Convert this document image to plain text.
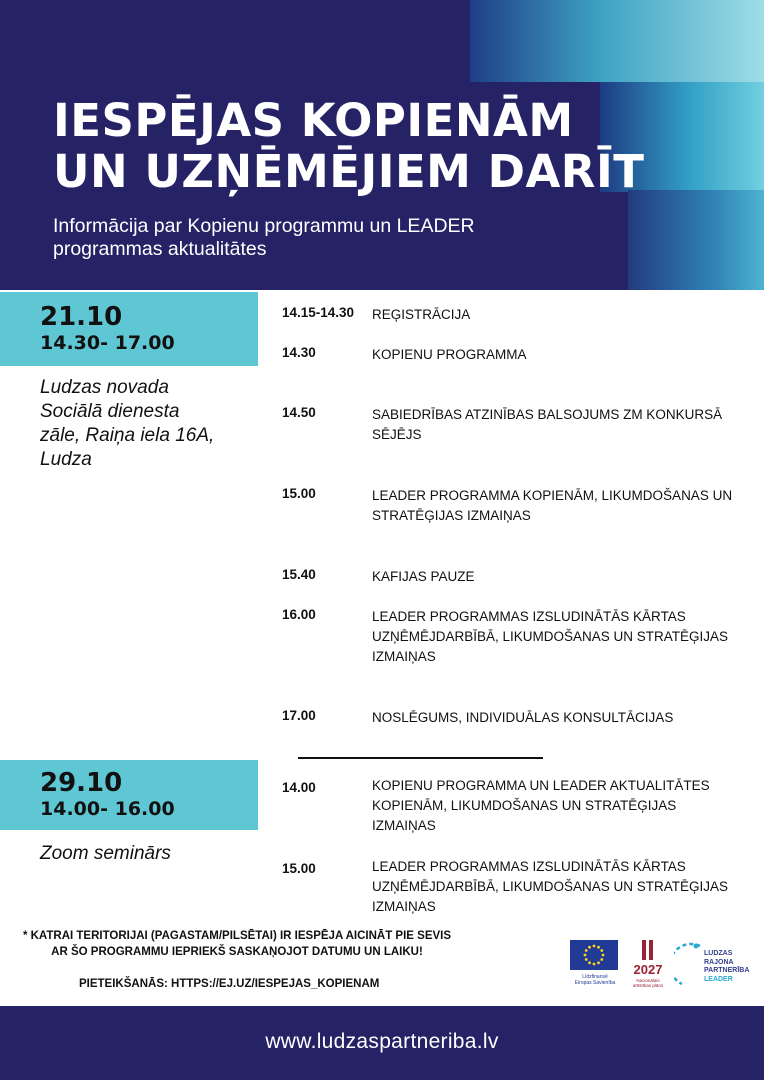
IESPĒJAS KOPIENĀM
UN UZŅĒMĒJIEM DARĪT
Informācija par Kopienu programmu un LEADER
programmas aktualitātes
21.10
14.30- 17.00
Ludzas novada
Sociālā dienesta
zāle, Raiņa iela 16A,
Ludza
14.15-14.30 REĢISTRĀCIJA
14.30	KOPIENU PROGRAMMA
14.50	SABIEDRĪBAS ATZINĪBAS BALSOJUMS ZM KONKURSĀ
SĒJĒJS
15.00	LEADER PROGRAMMA KOPIENĀM, LIKUMDOŠANAS UN
STRATĒĢIJAS IZMAIŅAS
15.40	KAFIJAS PAUZE
16.00	LEADER PROGRAMMAS IZSLUDINĀTĀS KĀRTAS
UZŅĒMĒJDARBĪBĀ, LIKUMDOŠANAS UN STRATĒĢIJAS
IZMAIŅAS
17.00	NOSLĒGUMS, INDIVIDUĀLAS KONSULTĀCIJAS
29.10
14.00- 16.00
Zoom seminārs
14.00	KOPIENU PROGRAMMA UN LEADER AKTUALITĀTES
KOPIENĀM, LIKUMDOŠANAS UN STRATĒĢIJAS
IZMAIŅAS
15.00	LEADER PROGRAMMAS IZSLUDINĀTĀS KĀRTAS
UZŅĒMĒJDARBĪBĀ, LIKUMDOŠANAS UN STRATĒĢIJAS
IZMAIŅAS
* KATRAI TERITORIJAI (PAGASTAM/PILSĒTAI) IR IESPĒJA AICINĀT PIE SEVIS
AR ŠO PROGRAMMU IEPRIEKŠ SASKAŅOJOT DATUMU UN LAIKU!
PIETEIKŠANĀS: HTTPS://EJ.UZ/IESPEJAS_KOPIENAM
Līdzfinansē
Eiropas Savienība
2027
Nacionālais
attīstības plāns
LUDZAS
RAJONA
PARTNERĪBA
LEADER
www.ludzaspartneriba.lv
